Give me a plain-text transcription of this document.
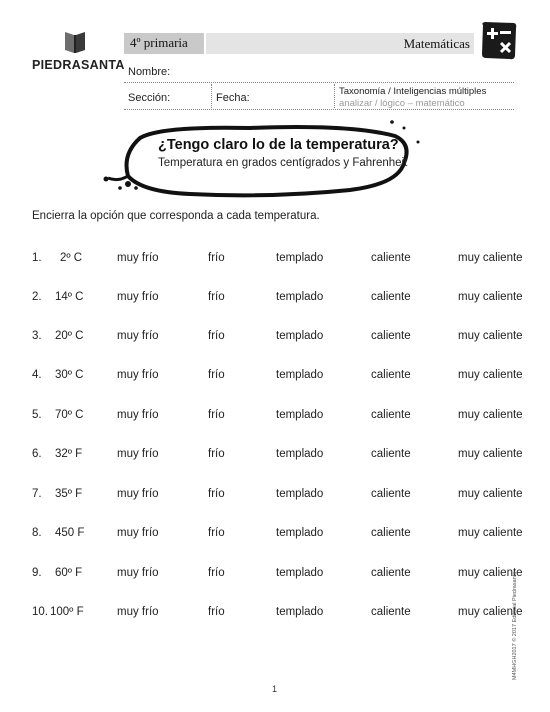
PIEDRASANTA
4º primaria	Matemáticas
Nombre:
Sección:	Fecha:
Taxonomía / Inteligencias múltiples
analizar / lógico – matemático
¿Tengo claro lo de la temperatura?
Temperatura en grados centígrados y Fahrenheit
Encierra la opción que corresponda a cada temperatura.
1. 2º C	muy frío	frío	templado	caliente	muy caliente
2. 14º C	muy frío	frío	templado	caliente	muy caliente
3. 20º C	muy frío	frío	templado	caliente	muy caliente
4. 30º C	muy frío	frío	templado	caliente	muy caliente
5. 70º C	muy frío	frío	templado	caliente	muy caliente
6. 32º F	muy frío	frío	templado	caliente	muy caliente
7. 35º F	muy frío	frío	templado	caliente	muy caliente
8. 450 F	muy frío	frío	templado	caliente	muy caliente
9. 60º F	muy frío	frío	templado	caliente	muy caliente
10. 100º F	muy frío	frío	templado	caliente	muy caliente
M4MHGH2017 © 2017 Editorial Piedrasanta
1
